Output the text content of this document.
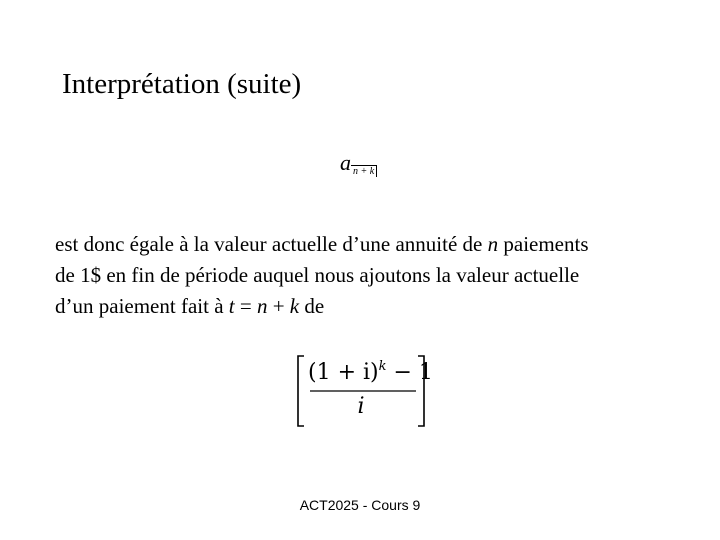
Interprétation (suite)
a n + k
est donc égale à la valeur actuelle d’une annuité de n paiements
de 1$ en fin de période auquel nous ajoutons la valeur actuelle
d’un paiement fait à t = n + k de
$(1 + i)^k - 1$
i
ACT2025 - Cours 9
